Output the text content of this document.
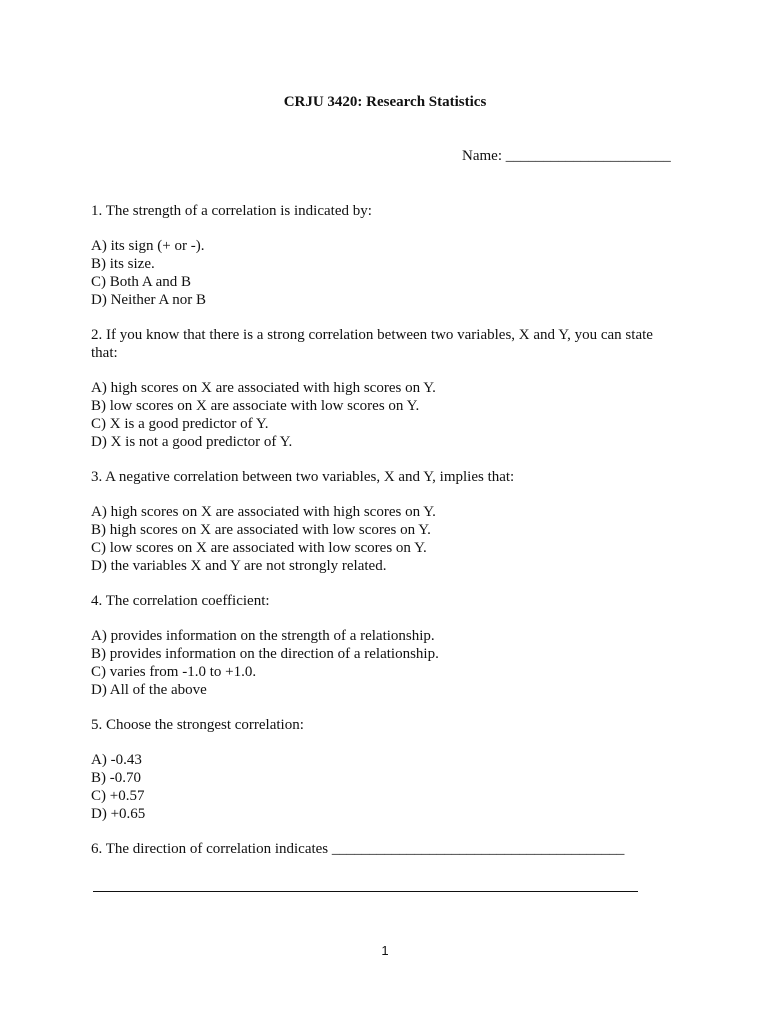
CRJU 3420: Research Statistics
Name: ______________________
1. The strength of a correlation is indicated by:
A) its sign (+ or -).
B) its size.
C) Both A and B
D) Neither A nor B
2. If you know that there is a strong correlation between two variables, X and Y, you can state that:
A) high scores on X are associated with high scores on Y.
B) low scores on X are associate with low scores on Y.
C) X is a good predictor of Y.
D) X is not a good predictor of Y.
3. A negative correlation between two variables, X and Y, implies that:
A) high scores on X are associated with high scores on Y.
B) high scores on X are associated with low scores on Y.
C) low scores on X are associated with low scores on Y.
D) the variables X and Y are not strongly related.
4. The correlation coefficient:
A) provides information on the strength of a relationship.
B) provides information on the direction of a relationship.
C) varies from -1.0 to +1.0.
D) All of the above
5. Choose the strongest correlation:
A) -0.43
B) -0.70
C) +0.57
D) +0.65
6. The direction of correlation indicates _______________________________________
1
